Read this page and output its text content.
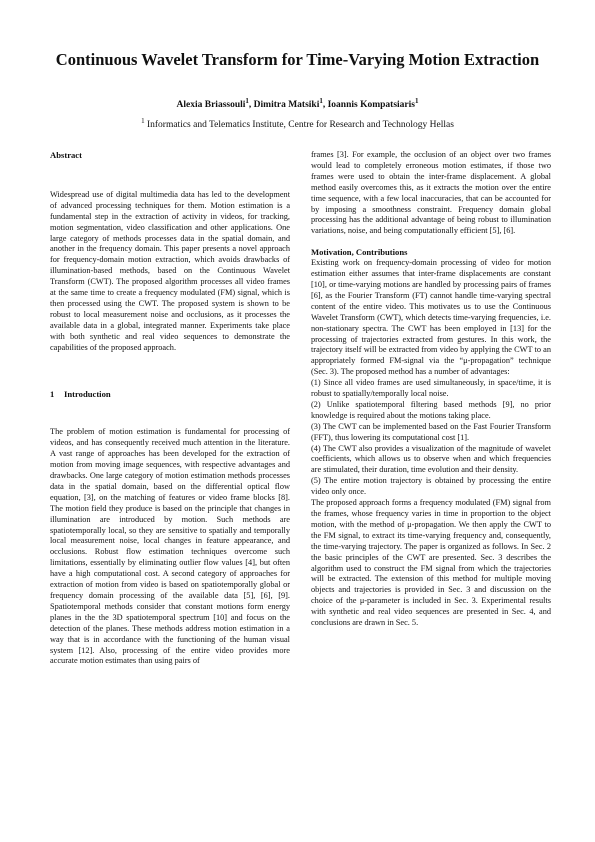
Continuous Wavelet Transform for Time-Varying Motion Extraction
Alexia Briassouli$^1$, Dimitra Matsiki$^1$, Ioannis Kompatsiaris$^1$
$^1$ Informatics and Telematics Institute, Centre for Research and Technology Hellas

Abstract

Widespread use of digital multimedia data has led to the development of advanced processing techniques for them. Motion estimation is a fundamental step in the extraction of activity in videos, for tracking, motion segmentation, video classification and other applications. One large category of methods processes data in the spatial domain, and another in the frequency domain. This paper presents a novel approach for frequency-domain motion extraction, which avoids drawbacks of illumination-based methods, based on the Continuous Wavelet Transform (CWT). The proposed algorithm processes all video frames at the same time to create a frequency modulated (FM) signal, which is then processed using the CWT. The proposed system is shown to be robust to local measurement noise and occlusions, as it processes the available data in a global, integrated manner. Experiments take place with both synthetic and real video sequences to demonstrate the capabilities of the proposed approach.

1 Introduction

The problem of motion estimation is fundamental for processing of videos, and has consequently received much attention in the literature. A vast range of approaches has been developed for the extraction of motion from moving image sequences, with respective advantages and drawbacks. One large category of motion estimation methods processes data in the spatial domain, based on the differential optical flow equation, [3], on the matching of features or video frame blocks [8]. The motion field they produce is based on the principle that changes in illumination are introduced by motion. Such methods are spatiotemporally local, so they are sensitive to spatially and temporally local measurement noise, local changes in feature appearance, and occlusions. Robust flow estimation techniques overcome such limitations, essentially by eliminating outlier flow values [4], but often have a high computational cost. A second category of approaches for extraction of motion from video is based on spatiotemporally global or frequency domain processing of the available data [5], [6], [9]. Spatiotemporal methods consider that constant motions form energy planes in the the 3D spatiotemporal spectrum [10] and focus on the detection of the planes. These methods address motion estimation in a way that is in accordance with the functioning of the human visual system [12]. Also, processing of the entire video provides more accurate motion estimates than using pairs of

frames [3]. For example, the occlusion of an object over two frames would lead to completely erroneous motion estimates, if those two frames were used to obtain the inter-frame displacement. A global method easily overcomes this, as it extracts the motion over the entire time sequence, with a few local inaccuracies, that can be accounted for by imposing a smoothness constraint. Frequency domain global processing has the additional advantage of being robust to illumination variations, noise, and being computationally efficient [5], [6].

Motivation, Contributions

Existing work on frequency-domain processing of video for motion estimation either assumes that inter-frame displacements are constant [10], or time-varying motions are handled by processing pairs of frames [6], as the Fourier Transform (FT) cannot handle time-varying spectral content of the entire video. This motivates us to use the Continuous Wavelet Transform (CWT), which detects time-varying frequencies, i.e. non-stationary spectra. The CWT has been employed in [13] for the processing of trajectories extracted from gestures. In this work, the trajectory itself will be extracted from video by applying the CWT to an appropriately formed FM-signal via the “μ-propagation” technique (Sec. 3). The proposed method has a number of advantages:

(1) Since all video frames are used simultaneously, in space/time, it is robust to spatially/temporally local noise.

(2) Unlike spatiotemporal filtering based methods [9], no prior knowledge is required about the motions taking place.

(3) The CWT can be implemented based on the Fast Fourier Transform (FFT), thus lowering its computational cost [1].

(4) The CWT also provides a visualization of the magnitude of wavelet coefficients, which allows us to observe when and which frequencies are stimulated, their duration, time evolution and their density.

(5) The entire motion trajectory is obtained by processing the entire video only once.

The proposed approach forms a frequency modulated (FM) signal from the frames, whose frequency varies in time in proportion to the object motion, with the method of μ-propagation. We then apply the CWT to the FM signal, to extract its time-varying frequency and, consequently, the time-varying trajectory. The paper is organized as follows. In Sec. 2 the basic principles of the CWT are presented. Sec. 3 describes the algorithm used to construct the FM signal from which the trajectories will be extracted. The extension of this method for multiple moving objects and trajectories is provided in Sec. 3 and discussion on the choice of the μ-parameter is included in Sec. 3. Experimental results with synthetic and real video sequences are presented in Sec. 4, and conclusions are drawn in Sec. 5.
